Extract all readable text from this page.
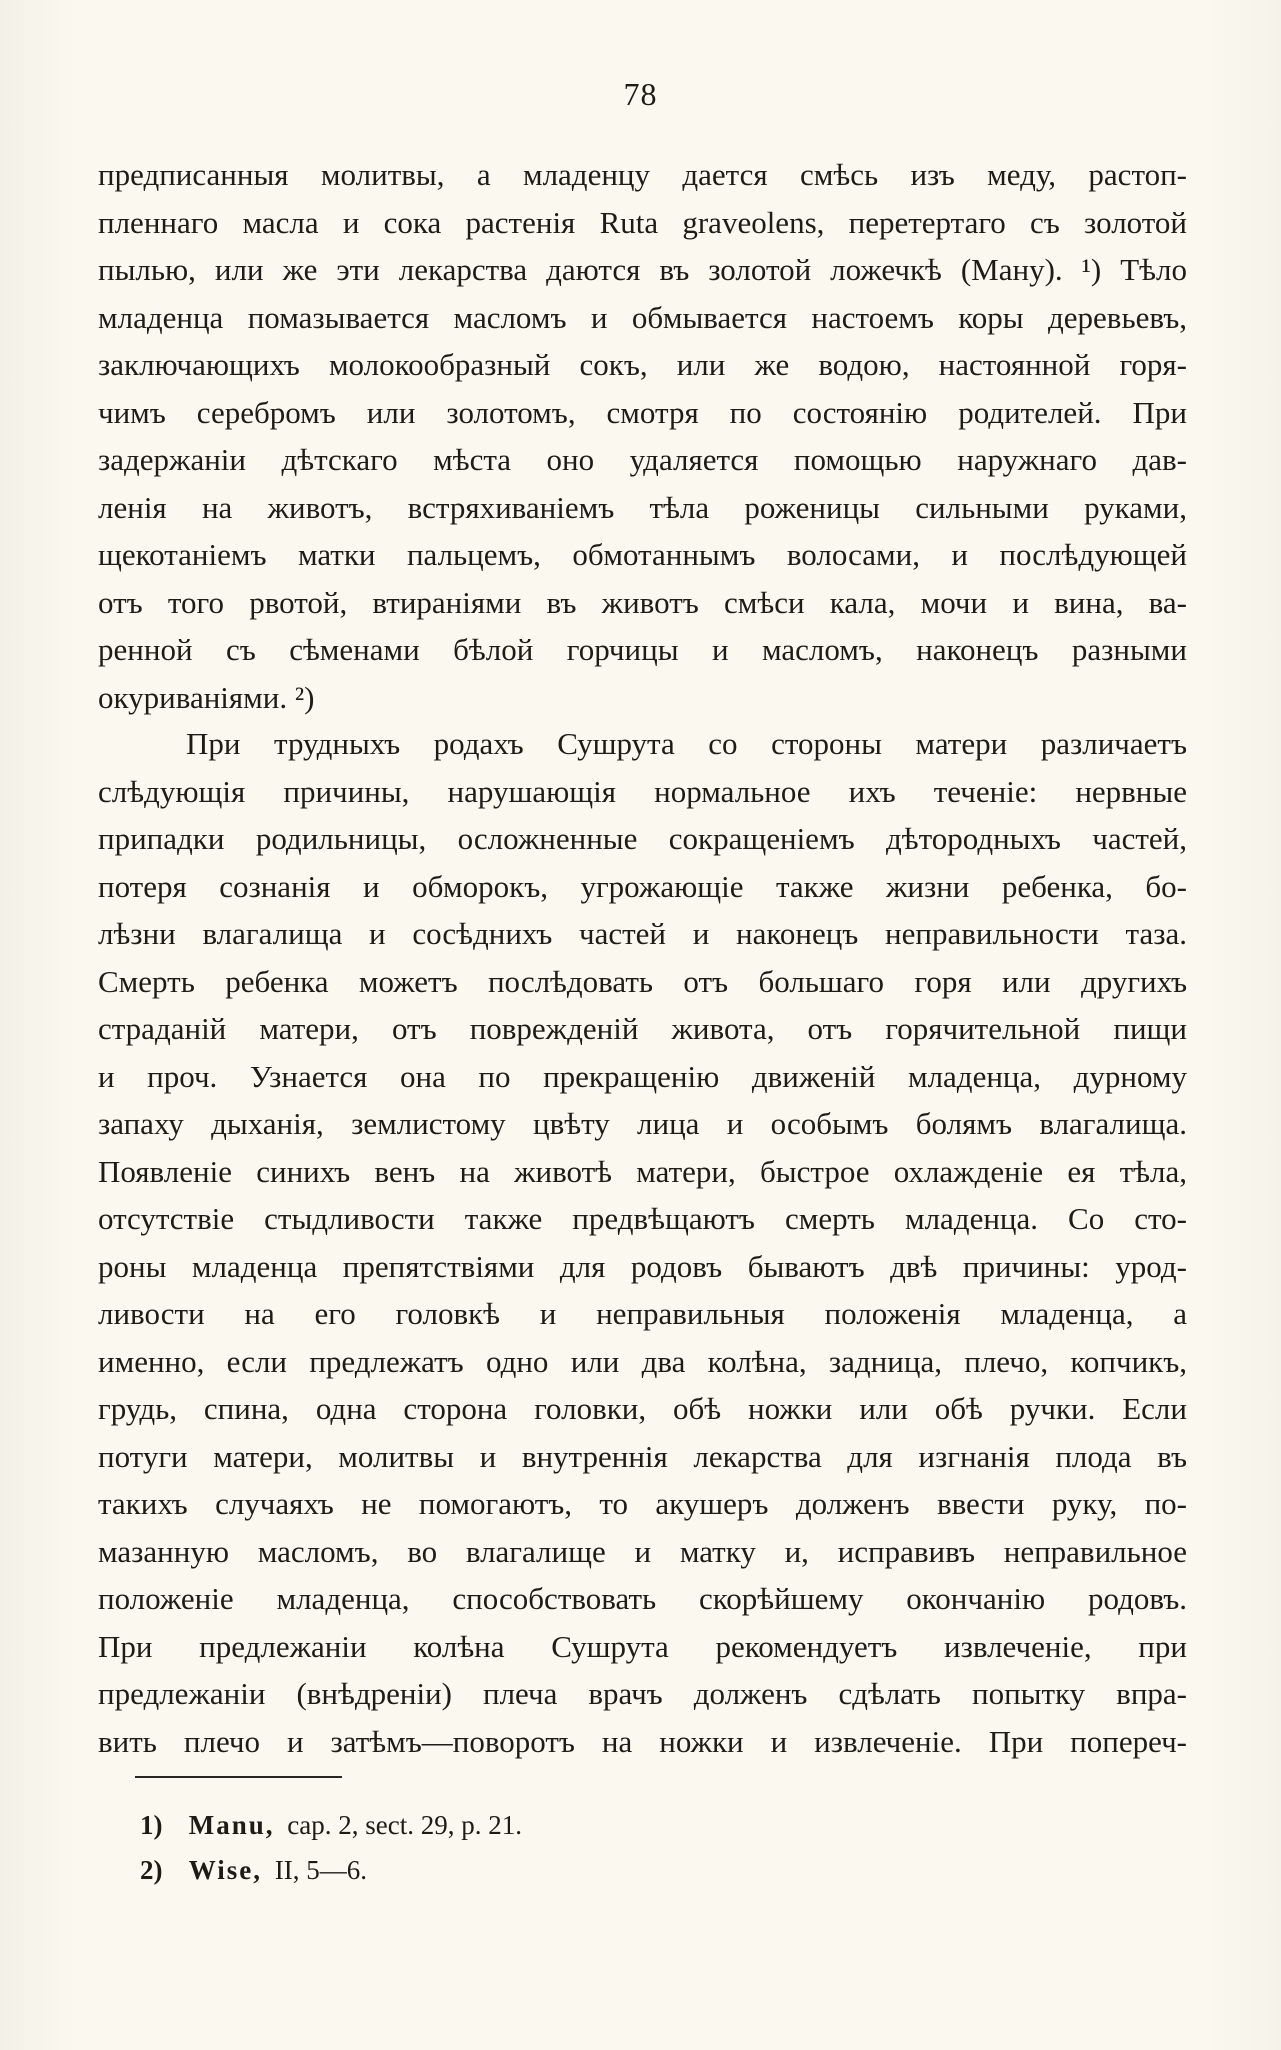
78
предписанныя молитвы, а младенцу дается смѣсь изъ меду, растоп-
пленнаго масла и сока растенія Ruta graveolens, перетертаго съ золотой
пылью, или же эти лекарства даются въ золотой ложечкѣ (Ману). ¹) Тѣло
младенца помазывается масломъ и обмывается настоемъ коры деревьевъ,
заключающихъ молокообразный сокъ, или же водою, настоянной горя-
чимъ серебромъ или золотомъ, смотря по состоянію родителей. При
задержаніи дѣтскаго мѣста оно удаляется помощью наружнаго дав-
ленія на животъ, встряхиваніемъ тѣла роженицы сильными руками,
щекотаніемъ матки пальцемъ, обмотаннымъ волосами, и послѣдующей
отъ того рвотой, втираніями въ животъ смѣси кала, мочи и вина, ва-
ренной съ сѣменами бѣлой горчицы и масломъ, наконецъ разными
окуриваніями. ²)
При трудныхъ родахъ Сушрута со стороны матери различаетъ
слѣдующія причины, нарушающія нормальное ихъ теченіе: нервные
припадки родильницы, осложненные сокращеніемъ дѣтородныхъ частей,
потеря сознанія и обморокъ, угрожающіе также жизни ребенка, бо-
лѣзни влагалища и сосѣднихъ частей и наконецъ неправильности таза.
Смерть ребенка можетъ послѣдовать отъ большаго горя или другихъ
страданій матери, отъ поврежденій живота, отъ горячительной пищи
и проч. Узнается она по прекращенію движеній младенца, дурному
запаху дыханія, землистому цвѣту лица и особымъ болямъ влагалища.
Появленіе синихъ венъ на животѣ матери, быстрое охлажденіе ея тѣла,
отсутствіе стыдливости также предвѣщаютъ смерть младенца. Со сто-
роны младенца препятствіями для родовъ бываютъ двѣ причины: урод-
ливости на его головкѣ и неправильныя положенія младенца, а
именно, если предлежатъ одно или два колѣна, задница, плечо, копчикъ,
грудь, спина, одна сторона головки, обѣ ножки или обѣ ручки. Если
потуги матери, молитвы и внутреннія лекарства для изгнанія плода въ
такихъ случаяхъ не помогаютъ, то акушеръ долженъ ввести руку, по-
мазанную масломъ, во влагалище и матку и, исправивъ неправильное
положеніе младенца, способствовать скорѣйшему окончанію родовъ.
При предлежаніи колѣна Сушрута рекомендуетъ извлеченіе, при
предлежаніи (внѣдреніи) плеча врачъ долженъ сдѣлать попытку впра-
вить плечо и затѣмъ—поворотъ на ножки и извлеченіе. При попереч-
1 ) Manu , cap. 2, sect. 29, p. 21.
2 ) Wise , II, 5—6.
